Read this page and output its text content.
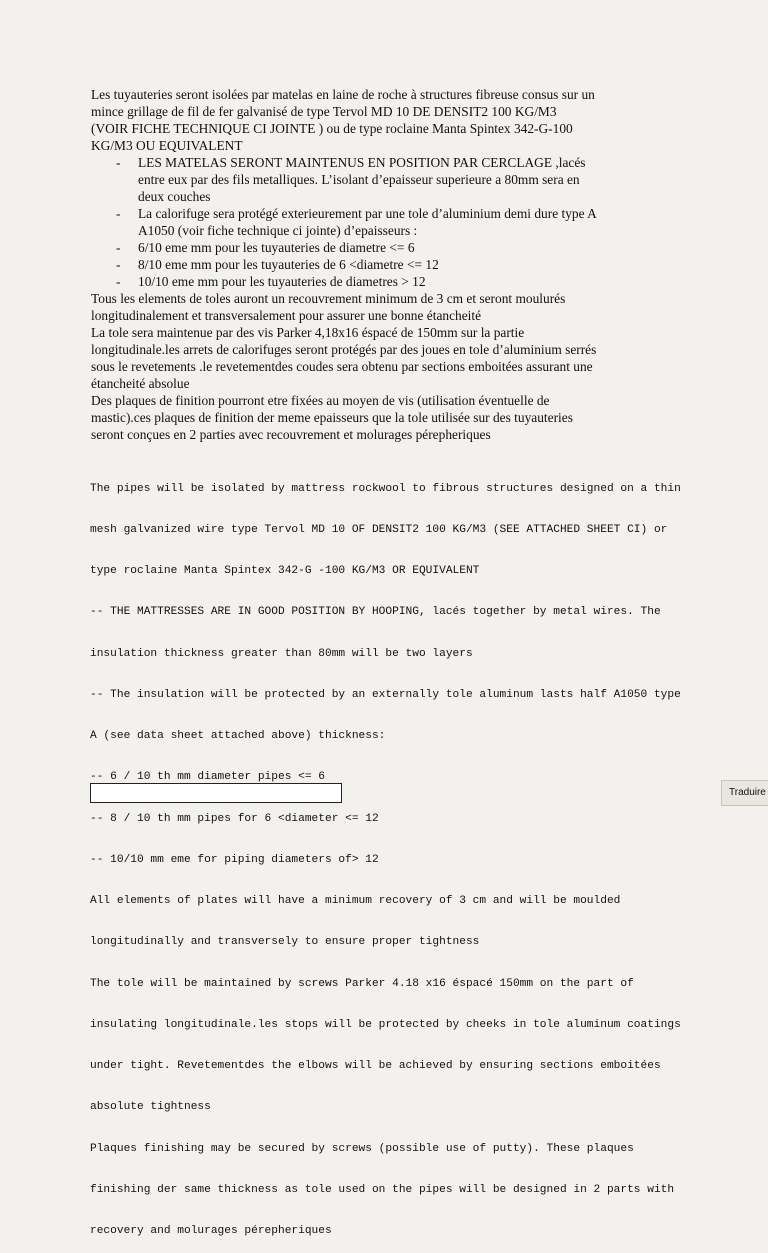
Les tuyauteries seront isolées par matelas en laine de roche à structures fibreuse consus sur un
mince grillage de fil de fer galvanisé de type Tervol MD 10 DE DENSIT2 100 KG/M3
(VOIR FICHE TECHNIQUE CI JOINTE ) ou de type roclaine Manta Spintex 342-G-100
KG/M3 OU EQUIVALENT

- LES MATELAS SERONT MAINTENUS EN POSITION PAR CERCLAGE ,lacés
entre eux par des fils metalliques. L’isolant d’epaisseur superieure a 80mm sera en
deux couches
- La calorifuge sera protégé exterieurement par une tole d’aluminium demi dure type A
A1050 (voir fiche technique ci jointe) d’epaisseurs :
- 6/10 eme mm pour les tuyauteries de diametre <= 6
- 8/10 eme mm pour les tuyauteries de 6 <diametre <= 12
- 10/10 eme mm pour les tuyauteries de diametres > 12

Tous les elements de toles auront un recouvrement minimum de 3 cm et seront moulurés
longitudinalement et transversalement pour assurer une bonne étancheité

La tole sera maintenue par des vis Parker 4,18x16 éspacé de 150mm sur la partie
longitudinale.les arrets de calorifuges seront protégés par des joues en tole d’aluminium serrés
sous le revetements .le revetementdes coudes sera obtenu par sections emboitées assurant une
étancheité absolue

Des plaques de finition pourront etre fixées au moyen de vis (utilisation éventuelle de
mastic).ces plaques de finition der meme epaisseurs que la tole utilisée sur des tuyauteries
seront conçues en 2 parties avec recouvrement et molurages pérepheriques

The pipes will be isolated by mattress rockwool to fibrous structures designed on a thin

mesh galvanized wire type Tervol MD 10 OF DENSIT2 100 KG/M3 (SEE ATTACHED SHEET CI) or

type roclaine Manta Spintex 342-G -100 KG/M3 OR EQUIVALENT

-- THE MATTRESSES ARE IN GOOD POSITION BY HOOPING, lacés together by metal wires. The

insulation thickness greater than 80mm will be two layers

-- The insulation will be protected by an externally tole aluminum lasts half A1050 type

A (see data sheet attached above) thickness:

-- 6 / 10 th mm diameter pipes <= 6

-- 8 / 10 th mm pipes for 6 <diameter <= 12

-- 10/10 mm eme for piping diameters of> 12

All elements of plates will have a minimum recovery of 3 cm and will be moulded

longitudinally and transversely to ensure proper tightness

The tole will be maintained by screws Parker 4.18 x16 éspacé 150mm on the part of

insulating longitudinale.les stops will be protected by cheeks in tole aluminum coatings

under tight. Revetementdes the elbows will be achieved by ensuring sections emboitées

absolute tightness

Plaques finishing may be secured by screws (possible use of putty). These plaques

finishing der same thickness as tole used on the pipes will be designed in 2 parts with

recovery and molurages pérepheriques

Traduire
